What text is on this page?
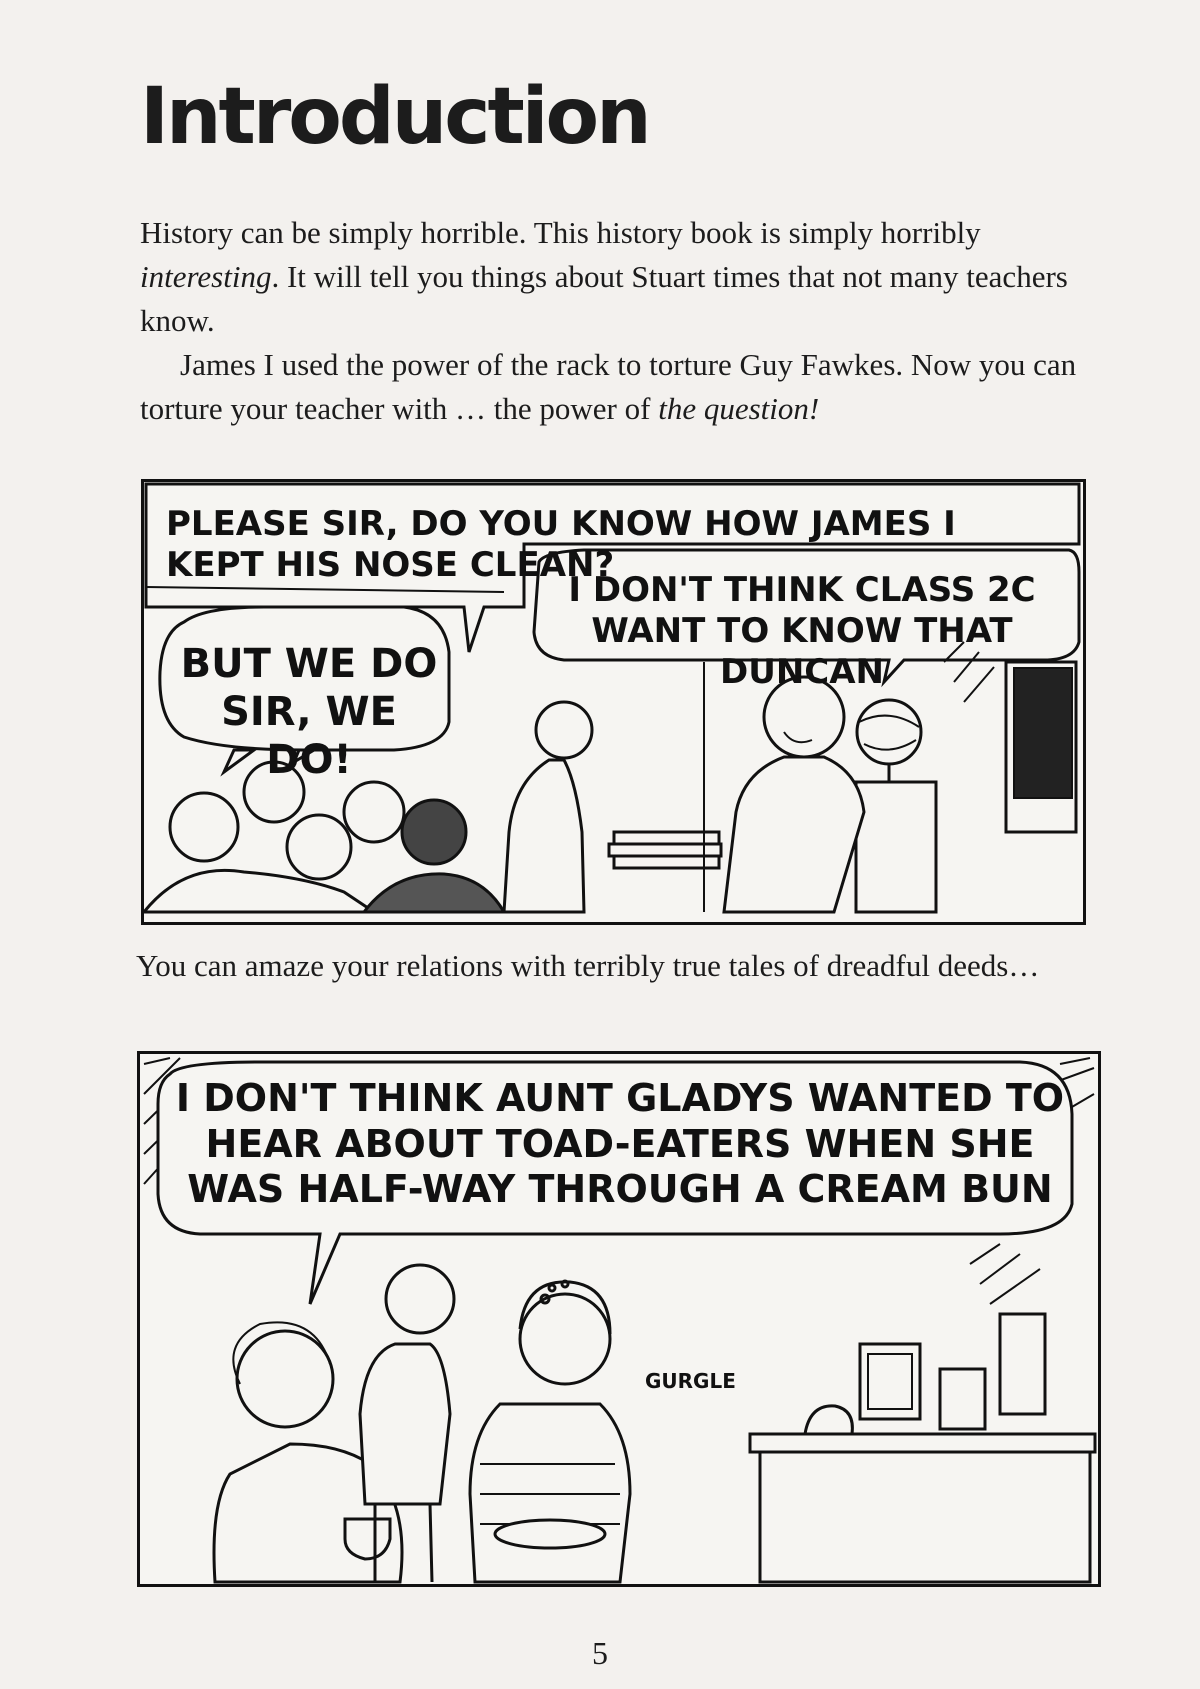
Introduction

History can be simply horrible. This history book is simply horribly interesting. It will tell you things about Stuart times that not many teachers know.

James I used the power of the rack to torture Guy Fawkes. Now you can torture your teacher with … the power of the question!

PLEASE SIR, DO YOU KNOW HOW JAMES I KEPT HIS NOSE CLEAN?

I DON'T THINK CLASS 2C WANT TO KNOW THAT DUNCAN

BUT WE DO SIR, WE DO!

You can amaze your relations with terribly true tales of dreadful deeds…

I DON'T THINK AUNT GLADYS WANTED TO HEAR ABOUT TOAD-EATERS WHEN SHE WAS HALF-WAY THROUGH A CREAM BUN

GURGLE

5
